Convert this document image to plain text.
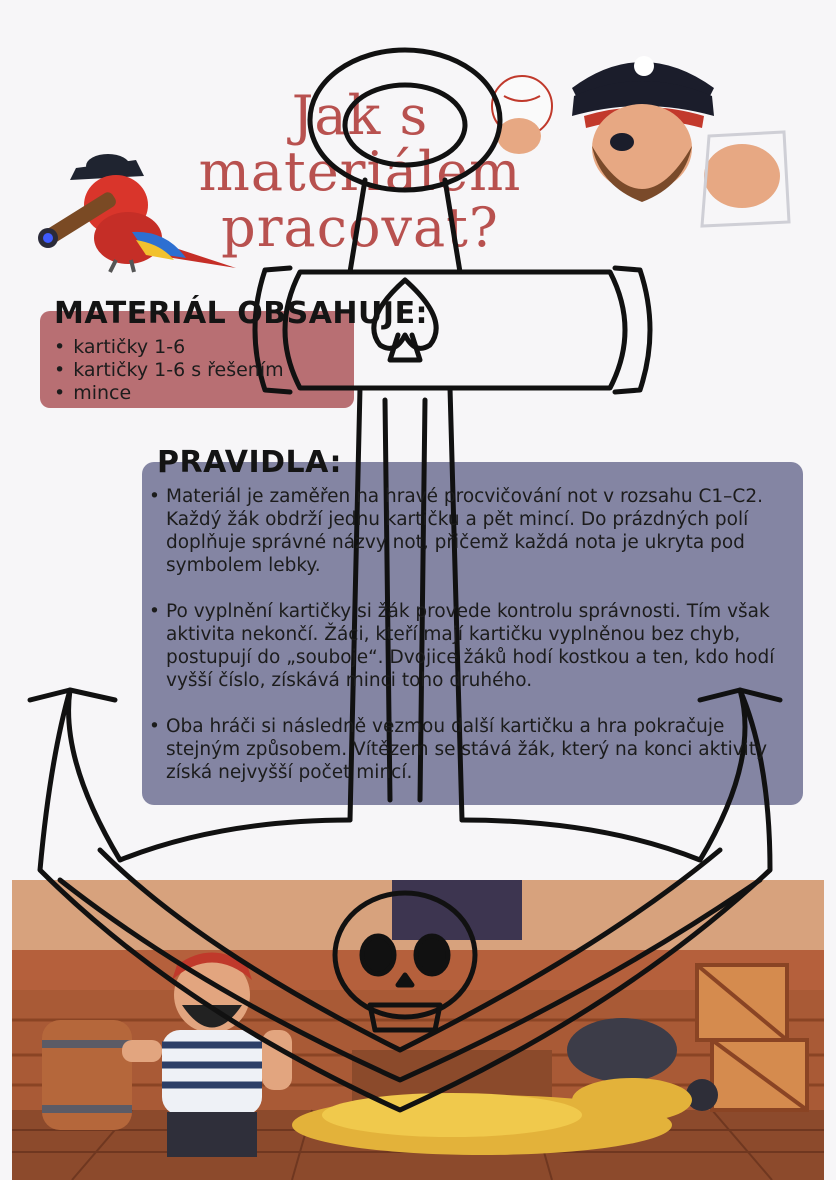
Jak s materiálem pracovat?
MATERIÁL OBSAHUJE:
• kartičky 1-6
• kartičky 1-6 s řešením
• mince
PRAVIDLA:
• Materiál je zaměřen na hravé procvičování not v rozsahu C1–C2. Každý žák obdrží jednu kartičku a pět mincí. Do prázdných polí doplňuje správné názvy not, přičemž každá nota je ukryta pod symbolem lebky.
• Po vyplnění kartičky si žák provede kontrolu správnosti. Tím však aktivita nekončí. Žáci, kteří mají kartičku vyplněnou bez chyb, postupují do „souboje“. Dvojice žáků hodí kostkou a ten, kdo hodí vyšší číslo, získává minci toho druhého.
• Oba hráči si následně vezmou další kartičku a hra pokračuje stejným způsobem. Vítězem se stává žák, který na konci aktivity získá nejvyšší počet mincí.
